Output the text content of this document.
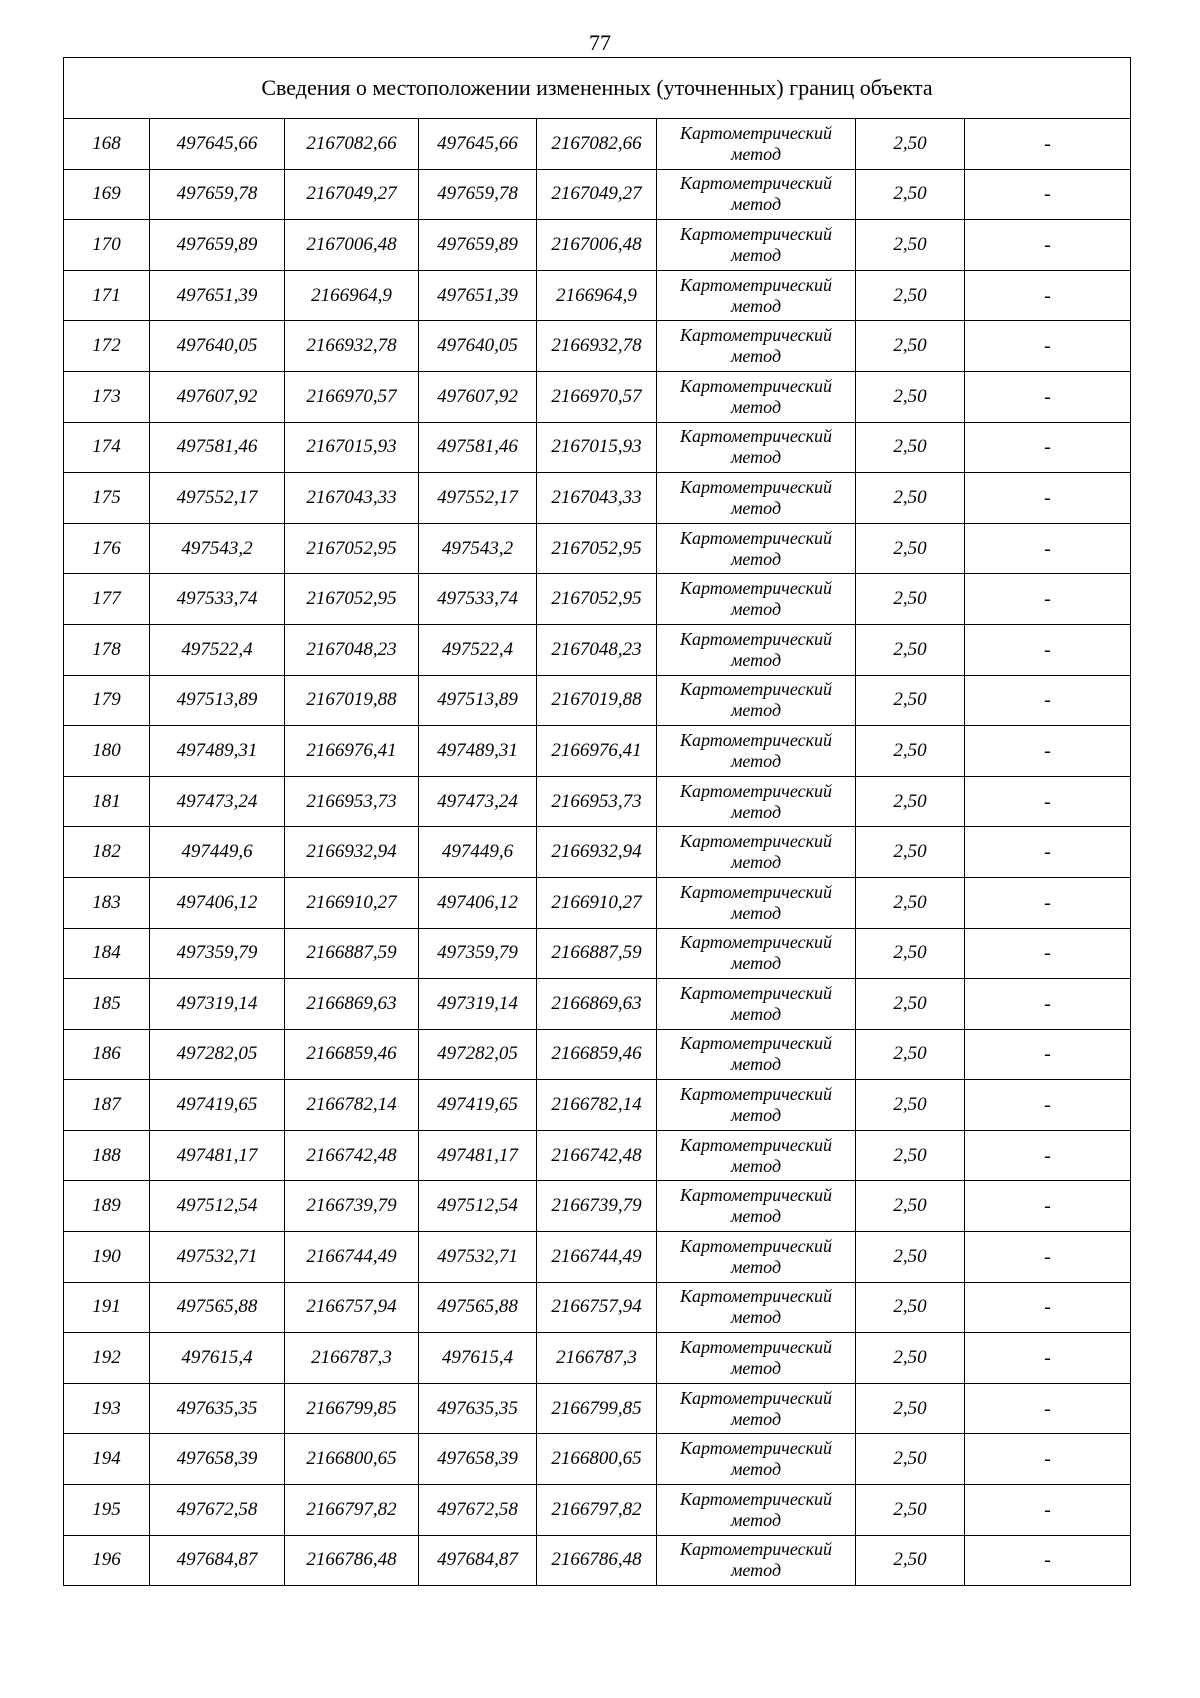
77
Сведения о местоположении измененных (уточненных) границ объекта							
168	497645,66	2167082,66	497645,66	2167082,66	Картометрический метод	2,50	-
169	497659,78	2167049,27	497659,78	2167049,27	Картометрический метод	2,50	-
170	497659,89	2167006,48	497659,89	2167006,48	Картометрический метод	2,50	-
171	497651,39	2166964,9	497651,39	2166964,9	Картометрический метод	2,50	-
172	497640,05	2166932,78	497640,05	2166932,78	Картометрический метод	2,50	-
173	497607,92	2166970,57	497607,92	2166970,57	Картометрический метод	2,50	-
174	497581,46	2167015,93	497581,46	2167015,93	Картометрический метод	2,50	-
175	497552,17	2167043,33	497552,17	2167043,33	Картометрический метод	2,50	-
176	497543,2	2167052,95	497543,2	2167052,95	Картометрический метод	2,50	-
177	497533,74	2167052,95	497533,74	2167052,95	Картометрический метод	2,50	-
178	497522,4	2167048,23	497522,4	2167048,23	Картометрический метод	2,50	-
179	497513,89	2167019,88	497513,89	2167019,88	Картометрический метод	2,50	-
180	497489,31	2166976,41	497489,31	2166976,41	Картометрический метод	2,50	-
181	497473,24	2166953,73	497473,24	2166953,73	Картометрический метод	2,50	-
182	497449,6	2166932,94	497449,6	2166932,94	Картометрический метод	2,50	-
183	497406,12	2166910,27	497406,12	2166910,27	Картометрический метод	2,50	-
184	497359,79	2166887,59	497359,79	2166887,59	Картометрический метод	2,50	-
185	497319,14	2166869,63	497319,14	2166869,63	Картометрический метод	2,50	-
186	497282,05	2166859,46	497282,05	2166859,46	Картометрический метод	2,50	-
187	497419,65	2166782,14	497419,65	2166782,14	Картометрический метод	2,50	-
188	497481,17	2166742,48	497481,17	2166742,48	Картометрический метод	2,50	-
189	497512,54	2166739,79	497512,54	2166739,79	Картометрический метод	2,50	-
190	497532,71	2166744,49	497532,71	2166744,49	Картометрический метод	2,50	-
191	497565,88	2166757,94	497565,88	2166757,94	Картометрический метод	2,50	-
192	497615,4	2166787,3	497615,4	2166787,3	Картометрический метод	2,50	-
193	497635,35	2166799,85	497635,35	2166799,85	Картометрический метод	2,50	-
194	497658,39	2166800,65	497658,39	2166800,65	Картометрический метод	2,50	-
195	497672,58	2166797,82	497672,58	2166797,82	Картометрический метод	2,50	-
196	497684,87	2166786,48	497684,87	2166786,48	Картометрический метод	2,50	-
